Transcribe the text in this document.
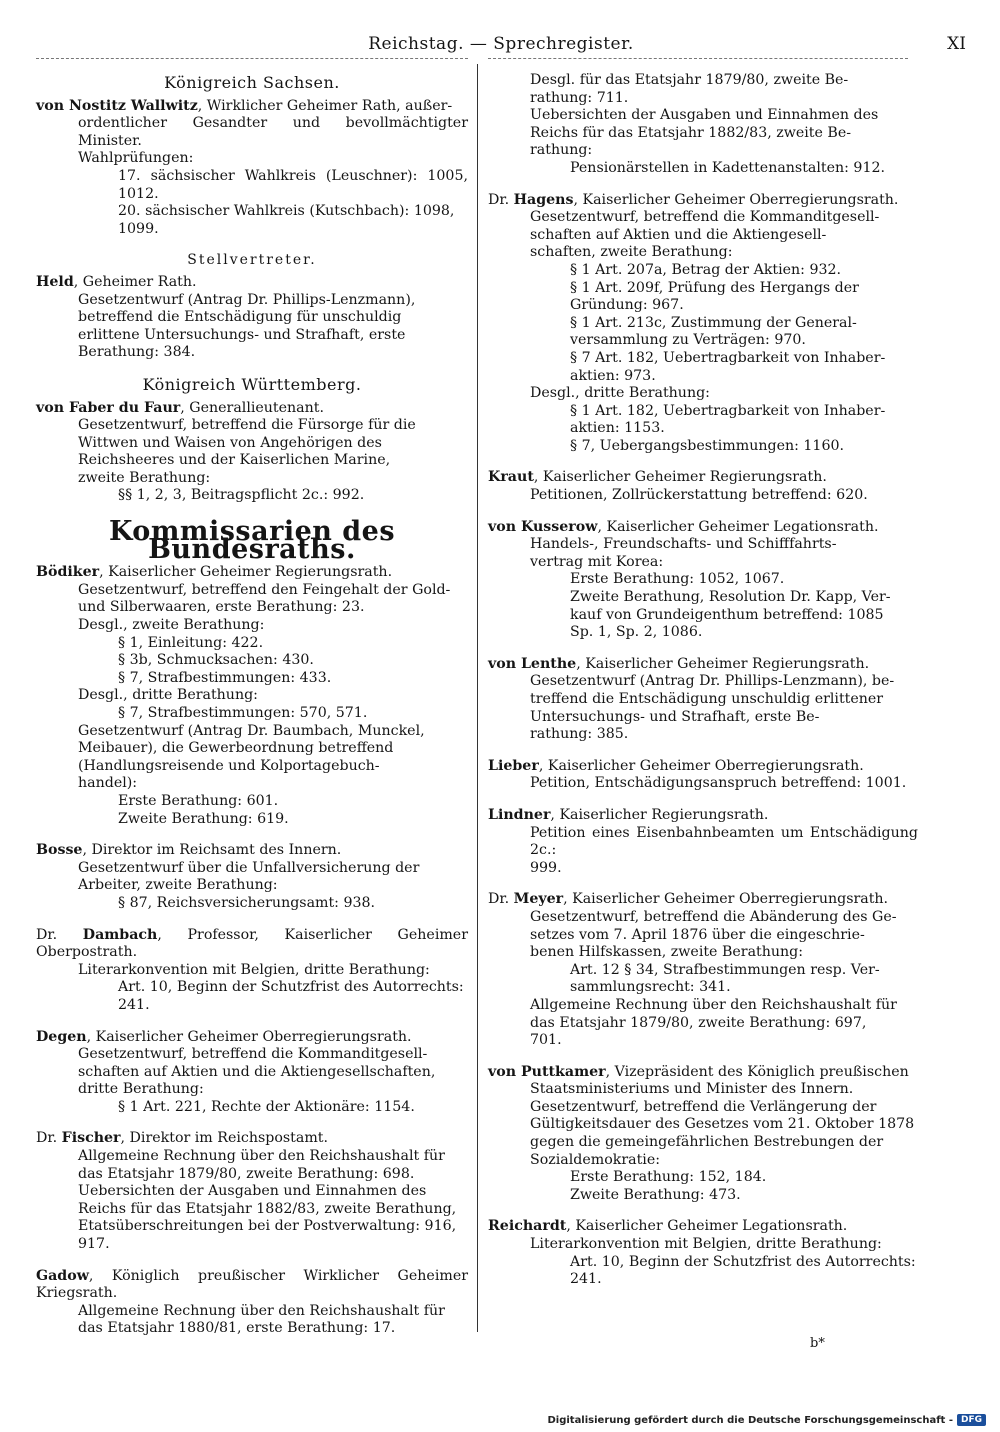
Reichstag. — Sprechregister.	XI
Königreich Sachsen.
von Nostitz Wallwitz, Wirklicher Geheimer Rath, außer-
ordentlicher Gesandter und bevollmächtigter Minister.
Wahlprüfungen:
17. sächsischer Wahlkreis (Leuschner): 1005, 1012.
20. sächsischer Wahlkreis (Kutschbach): 1098,
1099.
Stellvertreter.
Held, Geheimer Rath.
Gesetzentwurf (Antrag Dr. Phillips-Lenzmann),
betreffend die Entschädigung für unschuldig
erlittene Untersuchungs- und Strafhaft, erste
Berathung: 384.
Königreich Württemberg.
von Faber du Faur, Generallieutenant.
Gesetzentwurf, betreffend die Fürsorge für die
Wittwen und Waisen von Angehörigen des
Reichsheeres und der Kaiserlichen Marine,
zweite Berathung:
§§ 1, 2, 3, Beitragspflicht 2c.: 992.
Kommissarien des Bundesraths.
Bödiker, Kaiserlicher Geheimer Regierungsrath.
Gesetzentwurf, betreffend den Feingehalt der Gold-
und Silberwaaren, erste Berathung: 23.
Desgl., zweite Berathung:
§ 1, Einleitung: 422.
§ 3b, Schmucksachen: 430.
§ 7, Strafbestimmungen: 433.
Desgl., dritte Berathung:
§ 7, Strafbestimmungen: 570, 571.
Gesetzentwurf (Antrag Dr. Baumbach, Munckel,
Meibauer), die Gewerbeordnung betreffend
(Handlungsreisende und Kolportagebuch-
handel):
Erste Berathung: 601.
Zweite Berathung: 619.
Bosse, Direktor im Reichsamt des Innern.
Gesetzentwurf über die Unfallversicherung der
Arbeiter, zweite Berathung:
§ 87, Reichsversicherungsamt: 938.
Dr. Dambach, Professor, Kaiserlicher Geheimer Oberpostrath.
Literarkonvention mit Belgien, dritte Berathung:
Art. 10, Beginn der Schutzfrist des Autorrechts:
241.
Degen, Kaiserlicher Geheimer Oberregierungsrath.
Gesetzentwurf, betreffend die Kommanditgesell-
schaften auf Aktien und die Aktiengesellschaften,
dritte Berathung:
§ 1 Art. 221, Rechte der Aktionäre: 1154.
Dr. Fischer, Direktor im Reichspostamt.
Allgemeine Rechnung über den Reichshaushalt für
das Etatsjahr 1879/80, zweite Berathung: 698.
Uebersichten der Ausgaben und Einnahmen des
Reichs für das Etatsjahr 1882/83, zweite Berathung,
Etatsüberschreitungen bei der Postverwaltung: 916,
917.
Gadow, Königlich preußischer Wirklicher Geheimer Kriegsrath.
Allgemeine Rechnung über den Reichshaushalt für
das Etatsjahr 1880/81, erste Berathung: 17.
Desgl. für das Etatsjahr 1879/80, zweite Be-
rathung: 711.
Uebersichten der Ausgaben und Einnahmen des
Reichs für das Etatsjahr 1882/83, zweite Be-
rathung:
Pensionärstellen in Kadettenanstalten: 912.
Dr. Hagens, Kaiserlicher Geheimer Oberregierungsrath.
Gesetzentwurf, betreffend die Kommanditgesell-
schaften auf Aktien und die Aktiengesell-
schaften, zweite Berathung:
§ 1 Art. 207a, Betrag der Aktien: 932.
§ 1 Art. 209f, Prüfung des Hergangs der
Gründung: 967.
§ 1 Art. 213c, Zustimmung der General-
versammlung zu Verträgen: 970.
§ 7 Art. 182, Uebertragbarkeit von Inhaber-
aktien: 973.
Desgl., dritte Berathung:
§ 1 Art. 182, Uebertragbarkeit von Inhaber-
aktien: 1153.
§ 7, Uebergangsbestimmungen: 1160.
Kraut, Kaiserlicher Geheimer Regierungsrath.
Petitionen, Zollrückerstattung betreffend: 620.
von Kusserow, Kaiserlicher Geheimer Legationsrath.
Handels-, Freundschafts- und Schifffahrts-
vertrag mit Korea:
Erste Berathung: 1052, 1067.
Zweite Berathung, Resolution Dr. Kapp, Ver-
kauf von Grundeigenthum betreffend: 1085
Sp. 1, Sp. 2, 1086.
von Lenthe, Kaiserlicher Geheimer Regierungsrath.
Gesetzentwurf (Antrag Dr. Phillips-Lenzmann), be-
treffend die Entschädigung unschuldig erlittener
Untersuchungs- und Strafhaft, erste Be-
rathung: 385.
Lieber, Kaiserlicher Geheimer Oberregierungsrath.
Petition, Entschädigungsanspruch betreffend: 1001.
Lindner, Kaiserlicher Regierungsrath.
Petition eines Eisenbahnbeamten um Entschädigung 2c.:
999.
Dr. Meyer, Kaiserlicher Geheimer Oberregierungsrath.
Gesetzentwurf, betreffend die Abänderung des Ge-
setzes vom 7. April 1876 über die eingeschrie-
benen Hilfskassen, zweite Berathung:
Art. 12 § 34, Strafbestimmungen resp. Ver-
sammlungsrecht: 341.
Allgemeine Rechnung über den Reichshaushalt für
das Etatsjahr 1879/80, zweite Berathung: 697,
701.
von Puttkamer, Vizepräsident des Königlich preußischen
Staatsministeriums und Minister des Innern.
Gesetzentwurf, betreffend die Verlängerung der
Gültigkeitsdauer des Gesetzes vom 21. Oktober 1878
gegen die gemeingefährlichen Bestrebungen der
Sozialdemokratie:
Erste Berathung: 152, 184.
Zweite Berathung: 473.
Reichardt, Kaiserlicher Geheimer Legationsrath.
Literarkonvention mit Belgien, dritte Berathung:
Art. 10, Beginn der Schutzfrist des Autorrechts:
241.
b*
Digitalisierung gefördert durch die Deutsche Forschungsgemeinschaft - DFG
